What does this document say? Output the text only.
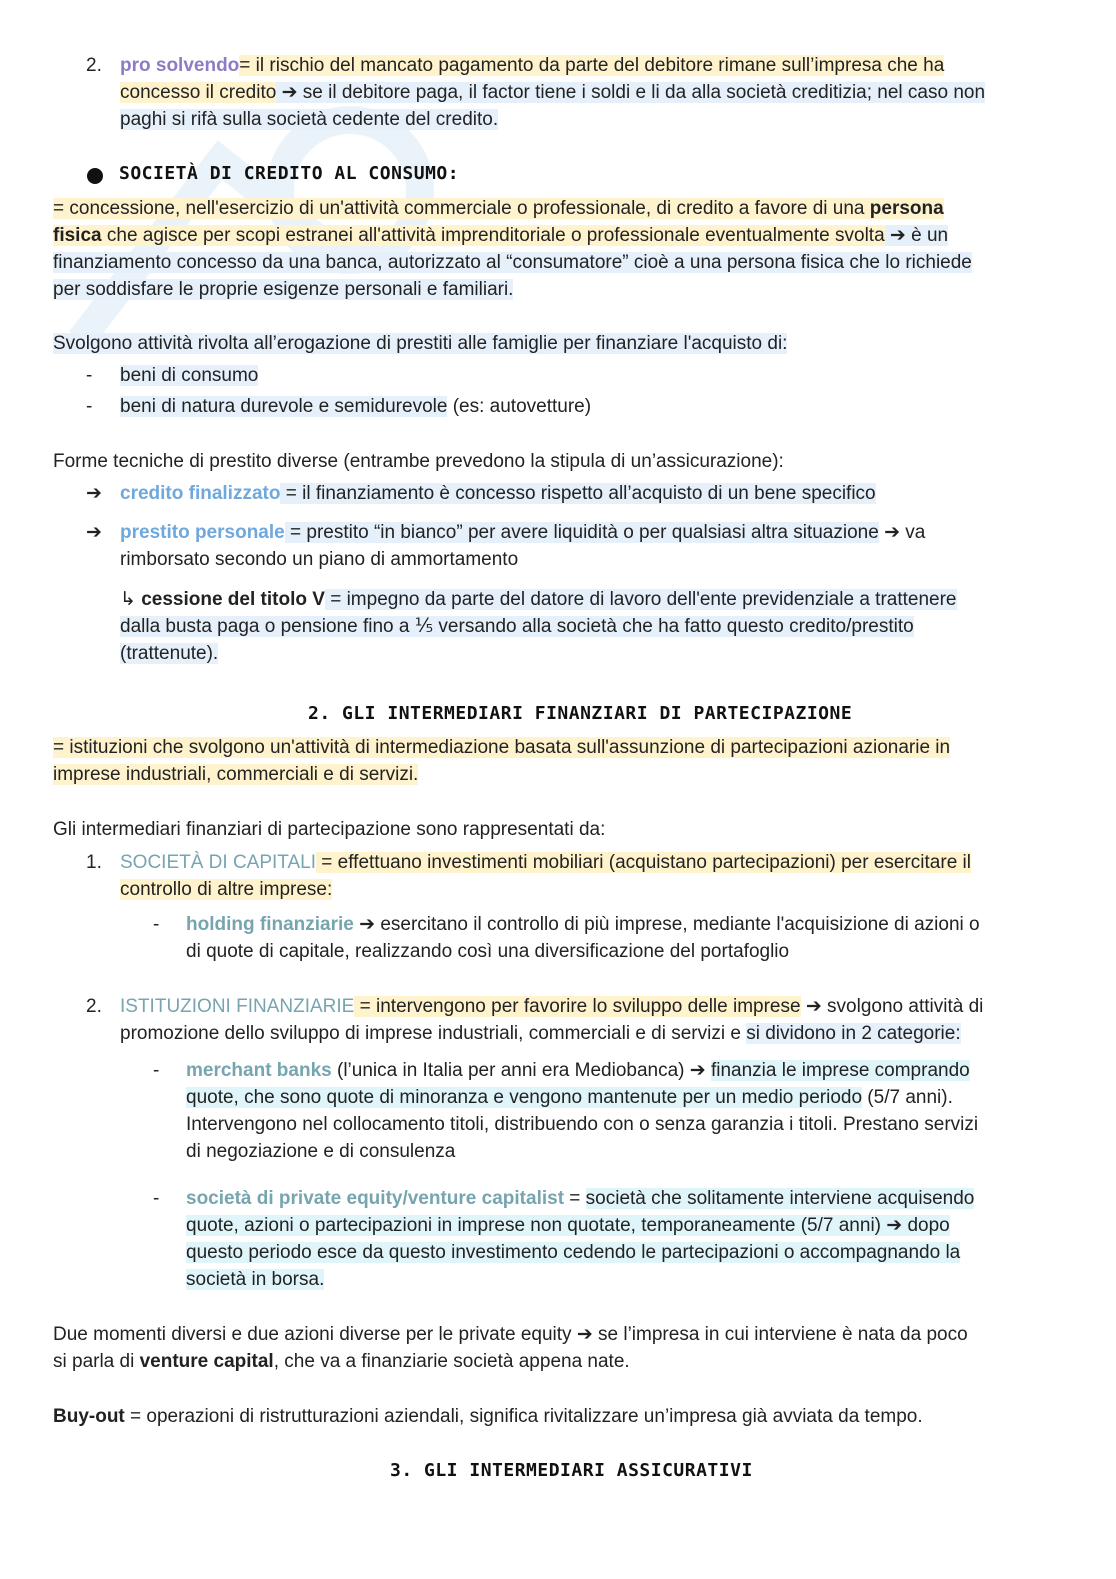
2. pro solvendo= il rischio del mancato pagamento da parte del debitore rimane sull’impresa che ha
concesso il credito ➔ se il debitore paga, il factor tiene i soldi e li da alla società creditizia; nel caso non
paghi si rifà sulla società cedente del credito.
SOCIETÀ DI CREDITO AL CONSUMO:
= concessione, nell'esercizio di un'attività commerciale o professionale, di credito a favore di una persona
fisica che agisce per scopi estranei all'attività imprenditoriale o professionale eventualmente svolta ➔ è un
finanziamento concesso da una banca, autorizzato al “consumatore” cioè a una persona fisica che lo richiede
per soddisfare le proprie esigenze personali e familiari.
Svolgono attività rivolta all’erogazione di prestiti alle famiglie per finanziare l'acquisto di:
- beni di consumo
- beni di natura durevole e semidurevole (es: autovetture)
Forme tecniche di prestito diverse (entrambe prevedono la stipula di un’assicurazione):
➔ credito finalizzato = il finanziamento è concesso rispetto all’acquisto di un bene specifico
➔ prestito personale = prestito “in bianco” per avere liquidità o per qualsiasi altra situazione ➔ va
rimborsato secondo un piano di ammortamento
↳ cessione del titolo V = impegno da parte del datore di lavoro dell'ente previdenziale a trattenere
dalla busta paga o pensione fino a ⅕ versando alla società che ha fatto questo credito/prestito
(trattenute).
2. GLI INTERMEDIARI FINANZIARI DI PARTECIPAZIONE
= istituzioni che svolgono un'attività di intermediazione basata sull'assunzione di partecipazioni azionarie in
imprese industriali, commerciali e di servizi.
Gli intermediari finanziari di partecipazione sono rappresentati da:
1. SOCIETÀ DI CAPITALI = effettuano investimenti mobiliari (acquistano partecipazioni) per esercitare il
controllo di altre imprese:
- holding finanziarie ➔ esercitano il controllo di più imprese, mediante l'acquisizione di azioni o
di quote di capitale, realizzando così una diversificazione del portafoglio
2. ISTITUZIONI FINANZIARIE = intervengono per favorire lo sviluppo delle imprese ➔ svolgono attività di
promozione dello sviluppo di imprese industriali, commerciali e di servizi e si dividono in 2 categorie:
- merchant banks (l’unica in Italia per anni era Mediobanca) ➔ finanzia le imprese comprando
quote, che sono quote di minoranza e vengono mantenute per un medio periodo (5/7 anni).
Intervengono nel collocamento titoli, distribuendo con o senza garanzia i titoli. Prestano servizi
di negoziazione e di consulenza
- società di private equity/venture capitalist = società che solitamente interviene acquisendo
quote, azioni o partecipazioni in imprese non quotate, temporaneamente (5/7 anni) ➔ dopo
questo periodo esce da questo investimento cedendo le partecipazioni o accompagnando la
società in borsa.
Due momenti diversi e due azioni diverse per le private equity ➔ se l’impresa in cui interviene è nata da poco
si parla di venture capital, che va a finanziarie società appena nate.
Buy-out = operazioni di ristrutturazioni aziendali, significa rivitalizzare un’impresa già avviata da tempo.
3. GLI INTERMEDIARI ASSICURATIVI
